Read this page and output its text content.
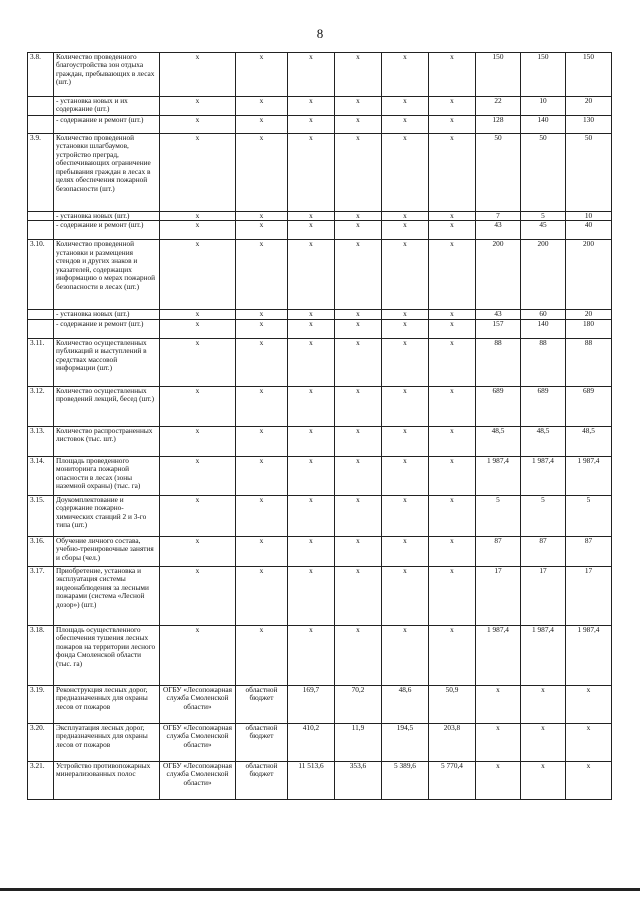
8
3.8.	Количество проведенного благоустройства зон отдыха граждан, пребывающих в лесах (шт.)	х	х	х	х	х	х	150	150	150
	- установка новых и их содержание (шт.)	х	х	х	х	х	х	22	10	20
	- содержание и ремонт (шт.)	х	х	х	х	х	х	128	140	130
3.9.	Количество проведенной установки шлагбаумов, устройство преград, обеспечивающих ограничение пребывания граждан в лесах в целях обеспечения пожарной безопасности (шт.)	х	х	х	х	х	х	50	50	50
	- установка новых (шт.)	х	х	х	х	х	х	7	5	10
	- содержание и ремонт (шт.)	х	х	х	х	х	х	43	45	40
3.10.	Количество проведенной установки и размещения стендов и других знаков и указателей, содержащих информацию о мерах пожарной безопасности в лесах (шт.)	х	х	х	х	х	х	200	200	200
	- установка новых (шт.)	х	х	х	х	х	х	43	60	20
	- содержание и ремонт (шт.)	х	х	х	х	х	х	157	140	180
3.11.	Количество осуществленных публикаций и выступлений в средствах массовой информации (шт.)	х	х	х	х	х	х	88	88	88
3.12.	Количество осуществленных проведений лекций, бесед (шт.)	х	х	х	х	х	х	689	689	689
3.13.	Количество распространенных листовок (тыс. шт.)	х	х	х	х	х	х	48,5	48,5	48,5
3.14.	Площадь проведенного мониторинга пожарной опасности в лесах (зоны наземной охраны) (тыс. га)	х	х	х	х	х	х	1 987,4	1 987,4	1 987,4
3.15.	Доукомплектование и содержание пожарно-химических станций 2 и 3-го типа (шт.)	х	х	х	х	х	х	5	5	5
3.16.	Обучение личного состава, учебно-тренировочные занятия и сборы (чел.)	х	х	х	х	х	х	87	87	87
3.17.	Приобретение, установка и эксплуатация системы видеонаблюдения за лесными пожарами (система «Лесной дозор») (шт.)	х	х	х	х	х	х	17	17	17
3.18.	Площадь осуществленного обеспечения тушения лесных пожаров на территории лесного фонда Смоленской области (тыс. га)	х	х	х	х	х	х	1 987,4	1 987,4	1 987,4
3.19.	Реконструкция лесных дорог, предназначенных для охраны лесов от пожаров	ОГБУ «Лесопожарная служба Смоленской области»	областной бюджет	169,7	70,2	48,6	50,9	х	х	х
3.20.	Эксплуатация лесных дорог, предназначенных для охраны лесов от пожаров	ОГБУ «Лесопожарная служба Смоленской области»	областной бюджет	410,2	11,9	194,5	203,8	х	х	х
3.21.	Устройство противопожарных минерализованных полос	ОГБУ «Лесопожарная служба Смоленской области»	областной бюджет	11 513,6	353,6	5 389,6	5 770,4	х	х	х
